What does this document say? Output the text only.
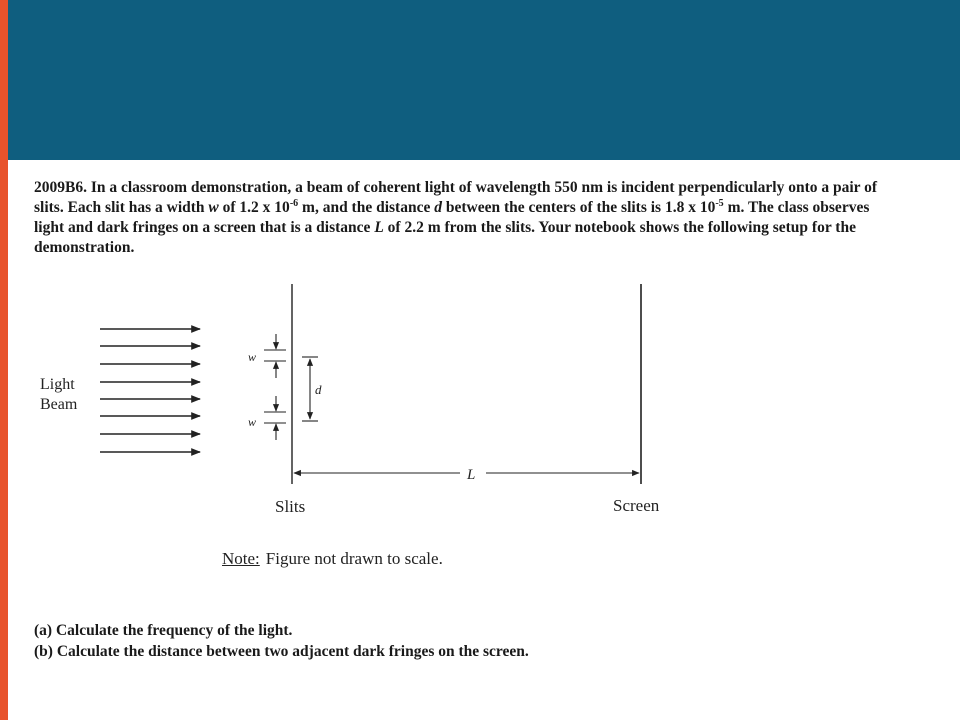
2009B6. In a classroom demonstration, a beam of coherent light of wavelength 550 nm is incident perpendicularly onto a pair of slits. Each slit has a width w of 1.2 x $10^{-6}$ m, and the distance d between the centers of the slits is 1.8 x $10^{-5}$ m. The class observes light and dark fringes on a screen that is a distance L of 2.2 m from the slits. Your notebook shows the following setup for the demonstration.
Light
Beam
w
w
d
L
Slits	Screen
Note: Figure not drawn to scale.
(a) Calculate the frequency of the light.
(b) Calculate the distance between two adjacent dark fringes on the screen.
